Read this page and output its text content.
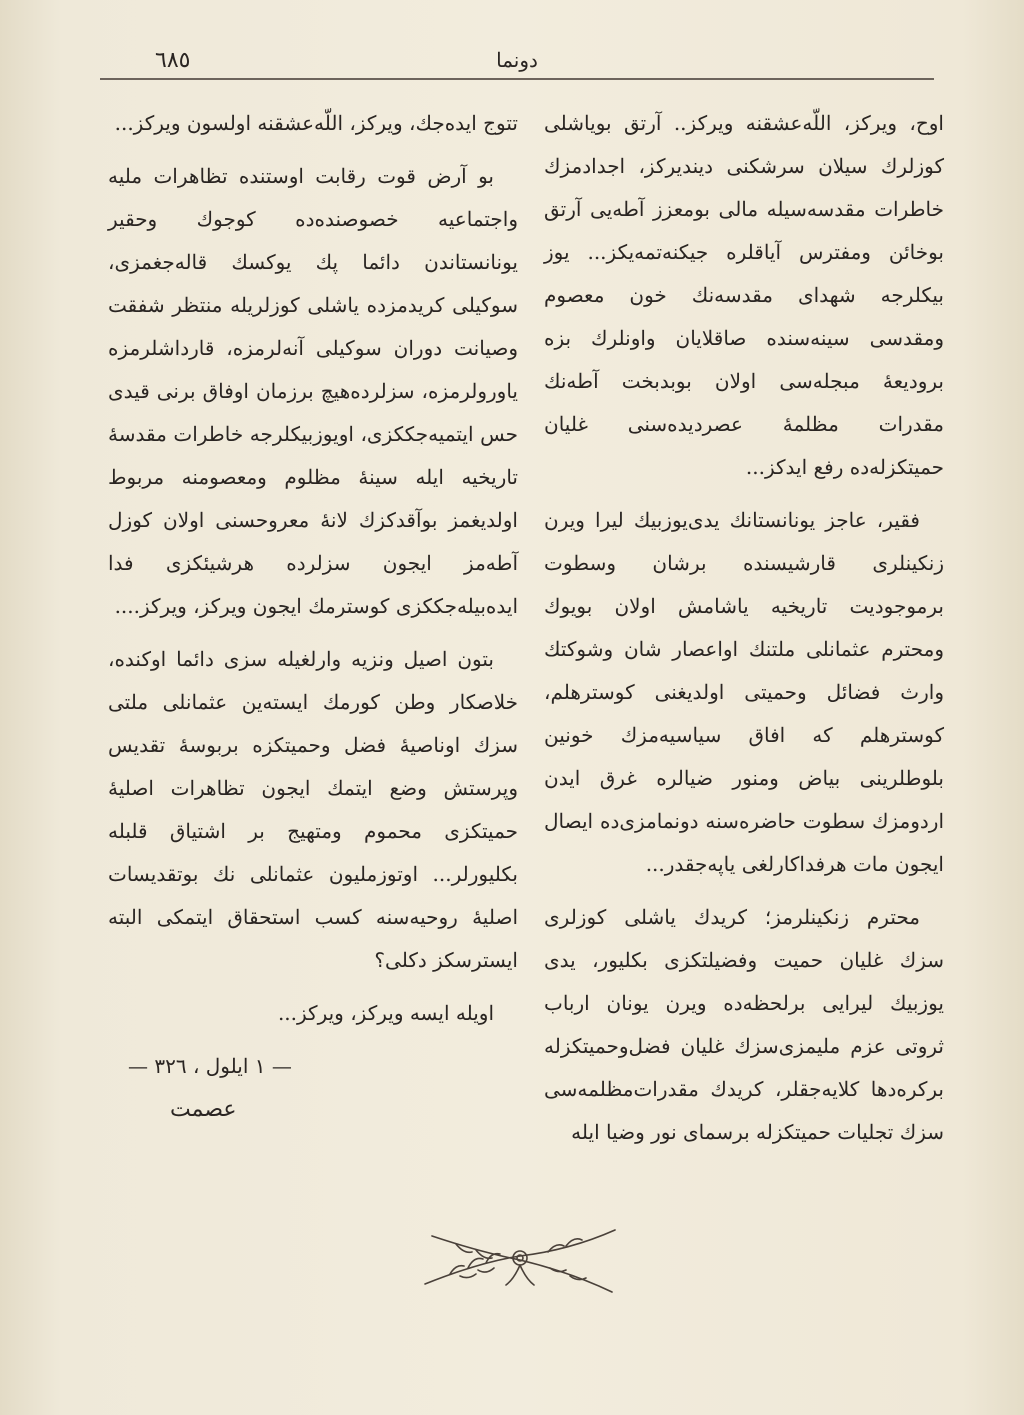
دونما
٦٨٥

اوح، ویرکز، اللّه‌عشقنه ویرکز.. آرتق بویاشلی کوزلرك سیلان سرشکنی دیندیرکز، اجدادمزك خاطرات مقدسه‌سیله مالی بومعزز آطه‌یی آرتق بوخائن ومفترس آیاقلره جیکنه‌تمه‌یکز... یوز بیکلرجه شهدای مقدسه‌نك خون معصوم ومقدسی سینه‌سنده صاقلایان واونلرك بزه برودیعهٔ مبجله‌سی اولان بوبدبخت آطه‌نك مقدرات مظلمهٔ عصردیده‌سنی غلیان حمیتکزله‌ده رفع ایدکز...

فقیر، عاجز یونانستانك یدی‌یوزبیك لیرا ویرن زنکینلری قارشیسنده برشان وسطوت برموجودیت تاریخیه یاشامش اولان بویوك ومحترم عثمانلی ملتنك اواعصار شان وشوکتك وارث فضائل وحمیتی اولدیغنی کوسترهلم، کوسترهلم که افاق سیاسیه‌مزك خونین بلوطلرینی بیاض ومنور ضیالره غرق ایدن اردومزك سطوت حاضره‌سنه دونمامزی‌ده ایصال ایجون مات هرفداکارلغی یاپه‌جقدر...

محترم زنکینلرمز؛ کریدك یاشلی کوزلری سزك غلیان حمیت وفضیلتکزی بکلیور، یدی یوزبیك لیرایی برلحظه‌ده ویرن یونان ارباب ثروتی عزم ملیمزی‌سزك غلیان فضل‌وحمیتکزله برکره‌دها کلایه‌جقلر، کریدك مقدرات‌مظلمه‌سی سزك تجلیات حمیتکزله برسمای نور وضیا ایله

تتوج ایده‌جك، ویرکز، اللّه‌عشقنه اولسون ویرکز...

بو آرض قوت رقابت اوستنده تظاهرات ملیه واجتماعیه خصوصنده‌ده کوجوك وحقیر یونانستاندن دائما پك یوکسك قاله‌جغمزی، سوکیلی کریدمزده یاشلی کوزلریله منتظر شفقت وصیانت دوران سوکیلی آنه‌لرمزه، قارداشلرمزه یاورولرمزه، سزلرده‌هیچ برزمان اوفاق برنی قیدی حس ایتمیه‌جککزی، اویوزبیکلرجه خاطرات مقدسهٔ تاریخیه ایله سینهٔ مظلوم ومعصومنه مربوط اولدیغمز بوآقدکزك لانهٔ معروحسنی اولان کوزل آطه‌مز ایجون سزلرده هرشیئکزی فدا ایده‌بیله‌جککزی کوسترمك ایجون ویرکز، ویرکز....

بتون اصیل ونزیه وارلغیله سزی دائما اوکنده، خلاصکار وطن کورمك ایسته‌ین عثمانلی ملتی سزك اوناصیهٔ فضل وحمیتکزه بربوسهٔ تقدیس وپرستش وضع ایتمك ایجون تظاهرات اصلیهٔ حمیتکزی محموم ومتهیج بر اشتیاق قلبله بکلیورلر... اوتوزملیون عثمانلی نك بوتقدیسات اصلیهٔ روحیه‌سنه کسب استحقاق ایتمکی البته ایسترسکز دکلی؟

اویله ایسه ویرکز، ویرکز...

— ۱ ایلول ، ۳۲٦ —
عصمت
